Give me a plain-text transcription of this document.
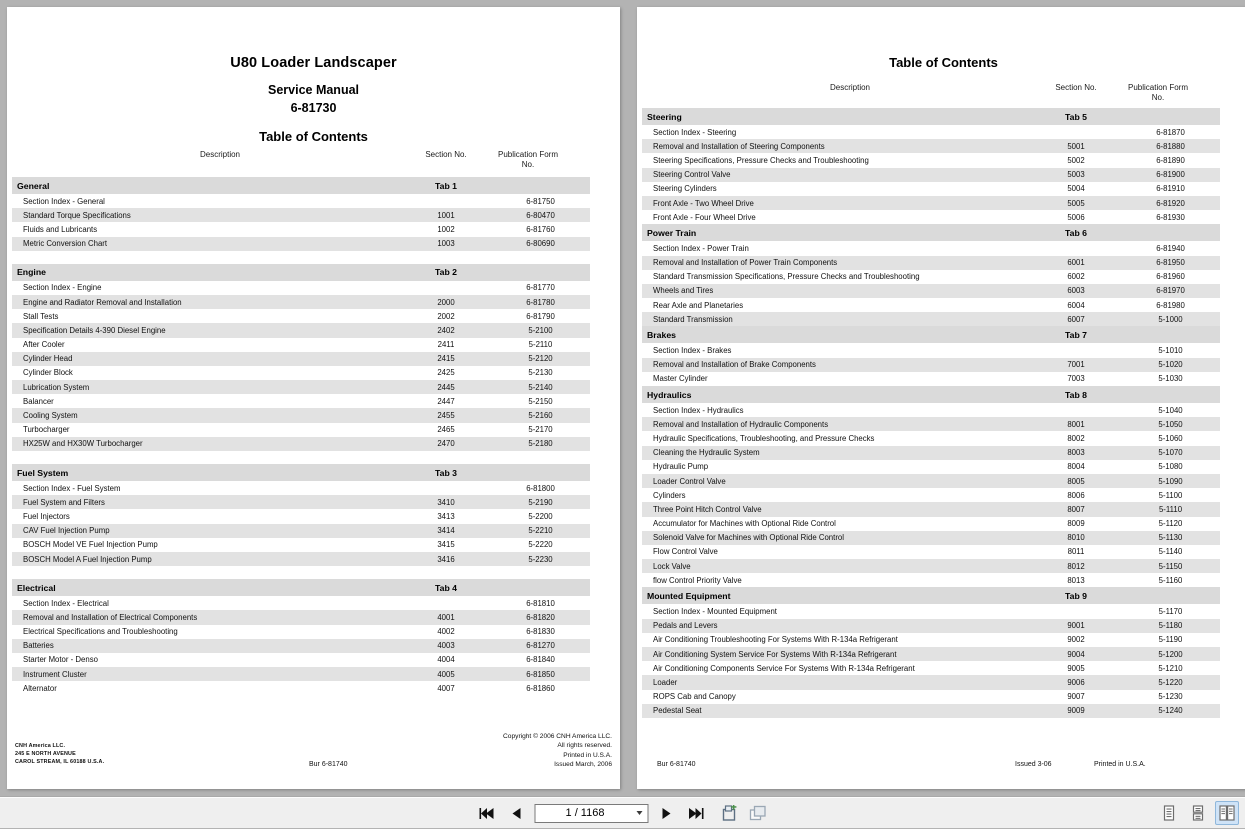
U80 Loader Landscaper
Service Manual
6-81730
Table of Contents
Description	Section No.	Publication Form
No.
General	Tab 1	
Section Index - General		6-81750
Standard Torque Specifications	1001	6-80470
Fluids and Lubricants	1002	6-81760
Metric Conversion Chart	1003	6-80690

Engine	Tab 2	
Section Index - Engine		6-81770
Engine and Radiator Removal and Installation	2000	6-81780
Stall Tests	2002	6-81790
Specification Details 4-390 Diesel Engine	2402	5-2100
After Cooler	2411	5-2110
Cylinder Head	2415	5-2120
Cylinder Block	2425	5-2130
Lubrication System	2445	5-2140
Balancer	2447	5-2150
Cooling System	2455	5-2160
Turbocharger	2465	5-2170
HX25W and HX30W Turbocharger	2470	5-2180

Fuel System	Tab 3	
Section Index - Fuel System		6-81800
Fuel System and Filters	3410	5-2190
Fuel Injectors	3413	5-2200
CAV Fuel Injection Pump	3414	5-2210
BOSCH Model VE Fuel Injection Pump	3415	5-2220
BOSCH Model A Fuel Injection Pump	3416	5-2230

Electrical	Tab 4	
Section Index - Electrical		6-81810
Removal and Installation of Electrical Components	4001	6-81820
Electrical Specifications and Troubleshooting	4002	6-81830
Batteries	4003	6-81270
Starter Motor - Denso	4004	6-81840
Instrument Cluster	4005	6-81850
Alternator	4007	6-81860
CNH America LLC.
245 E NORTH AVENUE
CAROL STREAM, IL 60188 U.S.A.	Bur 6-81740
Copyright © 2006 CNH America LLC.
All rights reserved.
Printed in U.S.A.
Issued March, 2006
Table of Contents
Description	Section No.	Publication Form
No.
Steering	Tab 5	
Section Index - Steering		6-81870
Removal and Installation of Steering Components	5001	6-81880
Steering Specifications, Pressure Checks and Troubleshooting	5002	6-81890
Steering Control Valve	5003	6-81900
Steering Cylinders	5004	6-81910
Front Axle - Two Wheel Drive	5005	6-81920
Front Axle - Four Wheel Drive	5006	6-81930
Power Train	Tab 6	
Section Index - Power Train		6-81940
Removal and Installation of Power Train Components	6001	6-81950
Standard Transmission Specifications, Pressure Checks and Troubleshooting	6002	6-81960
Wheels and Tires	6003	6-81970
Rear Axle and Planetaries	6004	6-81980
Standard Transmission	6007	5-1000
Brakes	Tab 7	
Section Index - Brakes		5-1010
Removal and Installation of Brake Components	7001	5-1020
Master Cylinder	7003	5-1030
Hydraulics	Tab 8	
Section Index - Hydraulics		5-1040
Removal and Installation of Hydraulic Components	8001	5-1050
Hydraulic Specifications, Troubleshooting, and Pressure Checks	8002	5-1060
Cleaning the Hydraulic System	8003	5-1070
Hydraulic Pump	8004	5-1080
Loader Control Valve	8005	5-1090
Cylinders	8006	5-1100
Three Point Hitch Control Valve	8007	5-1110
Accumulator for Machines with Optional Ride Control	8009	5-1120
Solenoid Valve for Machines with Optional Ride Control	8010	5-1130
Flow Control Valve	8011	5-1140
Lock Valve	8012	5-1150
flow Control Priority Valve	8013	5-1160
Mounted Equipment	Tab 9	
Section Index - Mounted Equipment		5-1170
Pedals and Levers	9001	5-1180
Air Conditioning Troubleshooting For Systems With R-134a Refrigerant	9002	5-1190
Air Conditioning System Service For Systems With R-134a Refrigerant	9004	5-1200
Air Conditioning Components Service For Systems With R-134a Refrigerant	9005	5-1210
Loader	9006	5-1220
ROPS Cab and Canopy	9007	5-1230
Pedestal Seat	9009	5-1240
Bur 6-81740	Issued 3-06	Printed in U.S.A.
1 / 1168
